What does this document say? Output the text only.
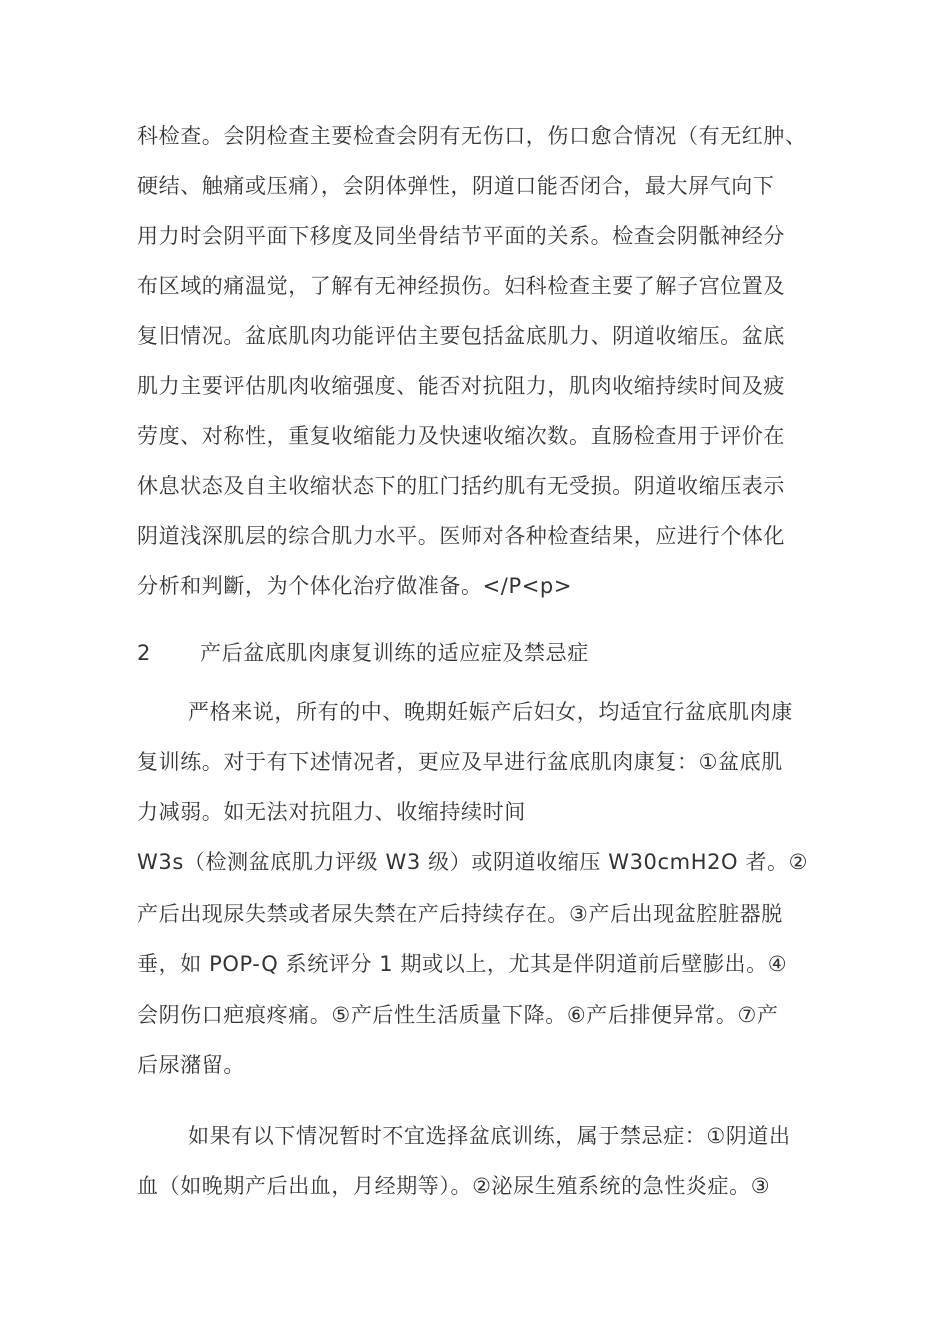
科检查。会阴检查主要检查会阴有无伤口，伤口愈合情况（有无红肿、
硬结、触痛或压痛），会阴体弹性，阴道口能否闭合，最大屏气向下
用力时会阴平面下移度及同坐骨结节平面的关系。检查会阴骶神经分
布区域的痛温觉，了解有无神经损伤。妇科检查主要了解子宫位置及
复旧情况。盆底肌肉功能评估主要包括盆底肌力、阴道收缩压。盆底
肌力主要评估肌肉收缩强度、能否对抗阻力，肌肉收缩持续时间及疲
劳度、对称性，重复收缩能力及快速收缩次数。直肠检查用于评价在
休息状态及自主收缩状态下的肛门括约肌有无受损。阴道收缩压表示
阴道浅深肌层的综合肌力水平。医师对各种检查结果，应进行个体化
分析和判斷，为个体化治疗做准备。</P<p>
2 产后盆底肌肉康复训练的适应症及禁忌症
严格来说，所有的中、晚期妊娠产后妇女，均适宜行盆底肌肉康
复训练。对于有下述情况者，更应及早进行盆底肌肉康复：①盆底肌
力减弱。如无法对抗阻力、收缩持续时间
W3s（检测盆底肌力评级 W3 级）或阴道收缩压 W30cmH2O 者。②
产后出现尿失禁或者尿失禁在产后持续存在。③产后出现盆腔脏器脱
垂，如 POP-Q 系统评分 1 期或以上，尤其是伴阴道前后壁膨出。④
会阴伤口疤痕疼痛。⑤产后性生活质量下降。⑥产后排便异常。⑦产
后尿潴留。
如果有以下情况暂时不宜选择盆底训练，属于禁忌症：①阴道出
血（如晚期产后出血，月经期等）。②泌尿生殖系统的急性炎症。③
